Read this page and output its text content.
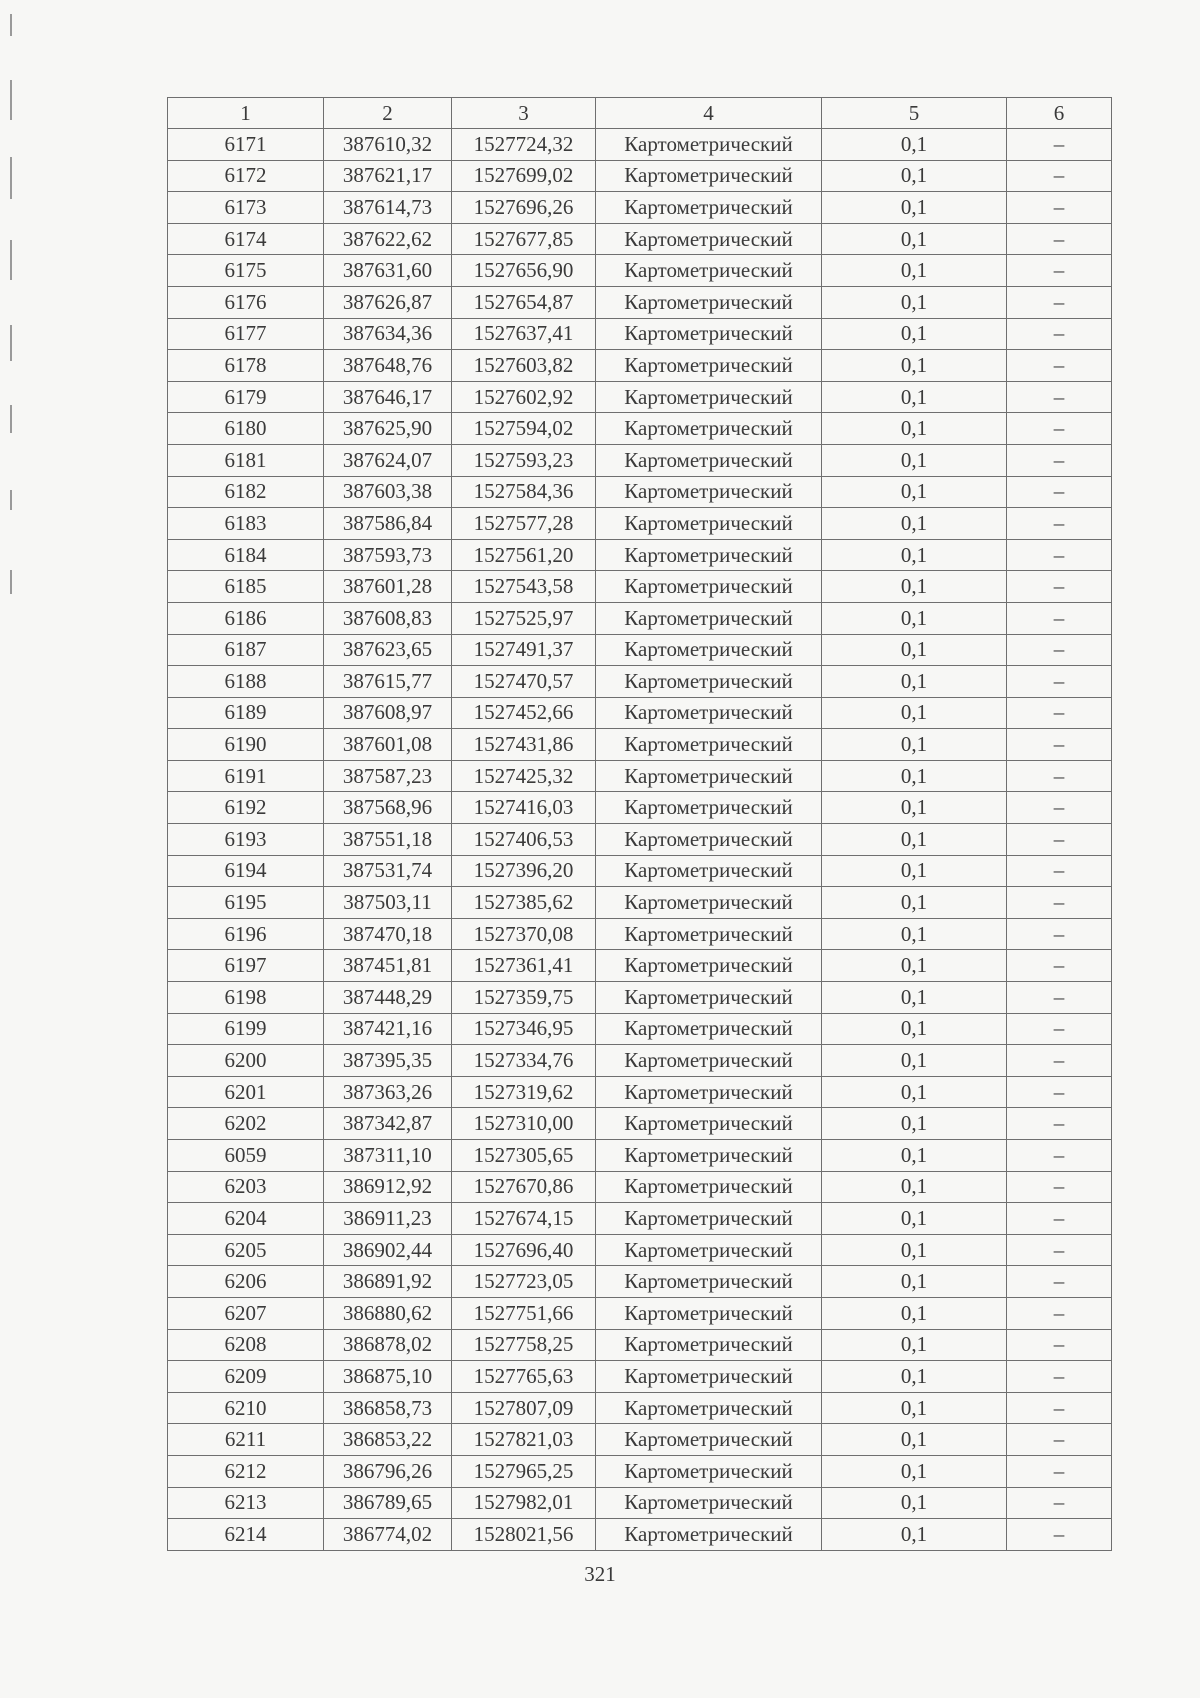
1	2	3	4	5	6
6171	387610,32	1527724,32	Картометрический	0,1	–
6172	387621,17	1527699,02	Картометрический	0,1	–
6173	387614,73	1527696,26	Картометрический	0,1	–
6174	387622,62	1527677,85	Картометрический	0,1	–
6175	387631,60	1527656,90	Картометрический	0,1	–
6176	387626,87	1527654,87	Картометрический	0,1	–
6177	387634,36	1527637,41	Картометрический	0,1	–
6178	387648,76	1527603,82	Картометрический	0,1	–
6179	387646,17	1527602,92	Картометрический	0,1	–
6180	387625,90	1527594,02	Картометрический	0,1	–
6181	387624,07	1527593,23	Картометрический	0,1	–
6182	387603,38	1527584,36	Картометрический	0,1	–
6183	387586,84	1527577,28	Картометрический	0,1	–
6184	387593,73	1527561,20	Картометрический	0,1	–
6185	387601,28	1527543,58	Картометрический	0,1	–
6186	387608,83	1527525,97	Картометрический	0,1	–
6187	387623,65	1527491,37	Картометрический	0,1	–
6188	387615,77	1527470,57	Картометрический	0,1	–
6189	387608,97	1527452,66	Картометрический	0,1	–
6190	387601,08	1527431,86	Картометрический	0,1	–
6191	387587,23	1527425,32	Картометрический	0,1	–
6192	387568,96	1527416,03	Картометрический	0,1	–
6193	387551,18	1527406,53	Картометрический	0,1	–
6194	387531,74	1527396,20	Картометрический	0,1	–
6195	387503,11	1527385,62	Картометрический	0,1	–
6196	387470,18	1527370,08	Картометрический	0,1	–
6197	387451,81	1527361,41	Картометрический	0,1	–
6198	387448,29	1527359,75	Картометрический	0,1	–
6199	387421,16	1527346,95	Картометрический	0,1	–
6200	387395,35	1527334,76	Картометрический	0,1	–
6201	387363,26	1527319,62	Картометрический	0,1	–
6202	387342,87	1527310,00	Картометрический	0,1	–
6059	387311,10	1527305,65	Картометрический	0,1	–
6203	386912,92	1527670,86	Картометрический	0,1	–
6204	386911,23	1527674,15	Картометрический	0,1	–
6205	386902,44	1527696,40	Картометрический	0,1	–
6206	386891,92	1527723,05	Картометрический	0,1	–
6207	386880,62	1527751,66	Картометрический	0,1	–
6208	386878,02	1527758,25	Картометрический	0,1	–
6209	386875,10	1527765,63	Картометрический	0,1	–
6210	386858,73	1527807,09	Картометрический	0,1	–
6211	386853,22	1527821,03	Картометрический	0,1	–
6212	386796,26	1527965,25	Картометрический	0,1	–
6213	386789,65	1527982,01	Картометрический	0,1	–
6214	386774,02	1528021,56	Картометрический	0,1	–
321
